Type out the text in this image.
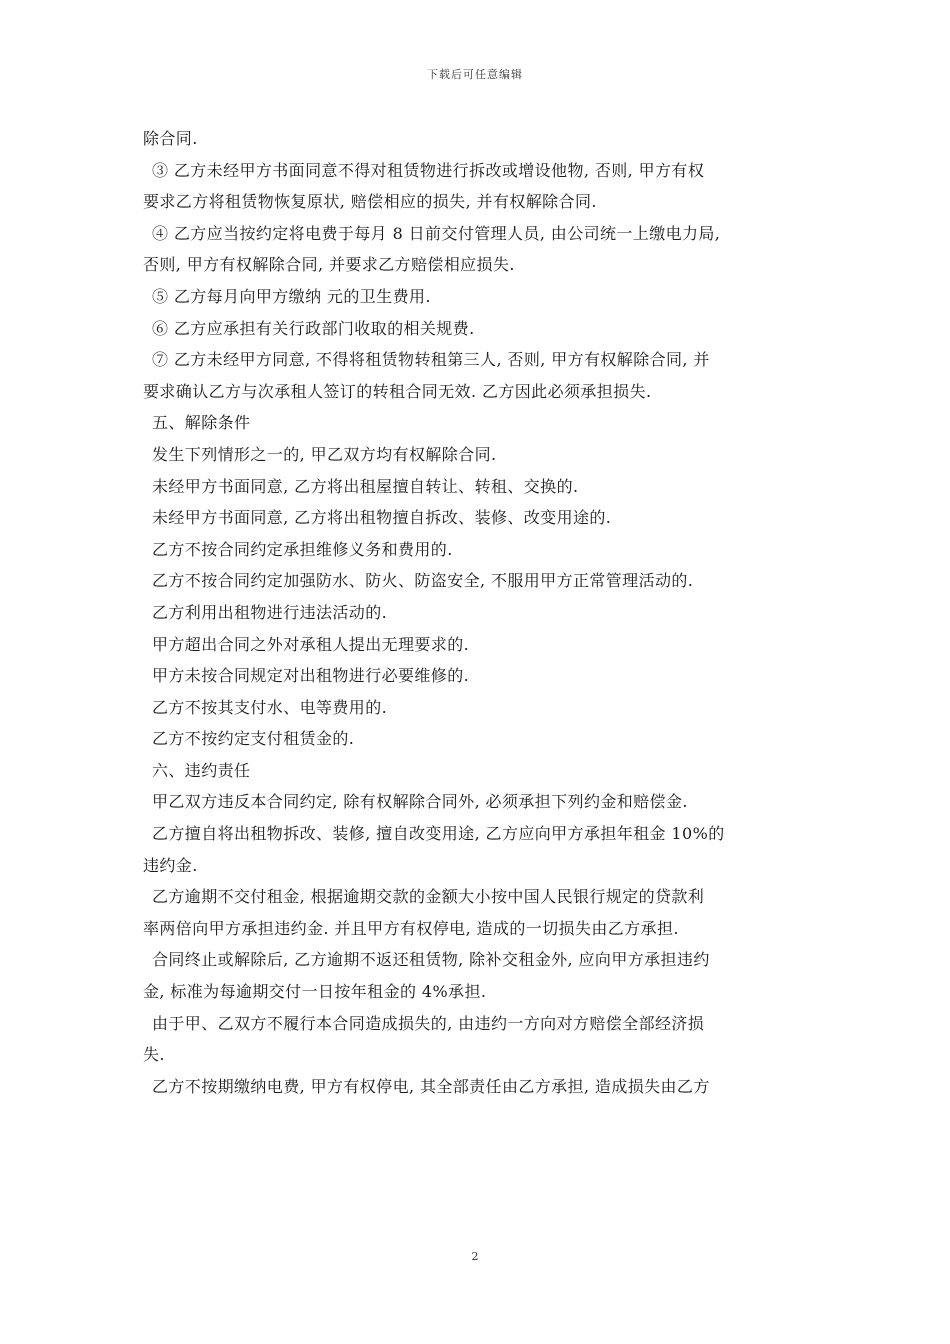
下载后可任意编辑
除合同.
③ 乙方未经甲方书面同意不得对租赁物进行拆改或增设他物, 否则, 甲方有权
要求乙方将租赁物恢复原状, 赔偿相应的损失, 并有权解除合同.
④ 乙方应当按约定将电费于每月 8 日前交付管理人员, 由公司统一上缴电力局,
否则, 甲方有权解除合同, 并要求乙方赔偿相应损失.
⑤ 乙方每月向甲方缴纳 元的卫生费用.
⑥ 乙方应承担有关行政部门收取的相关规费.
⑦ 乙方未经甲方同意, 不得将租赁物转租第三人, 否则, 甲方有权解除合同, 并
要求确认乙方与次承租人签订的转租合同无效. 乙方因此必须承担损失.
五、解除条件
发生下列情形之一的, 甲乙双方均有权解除合同.
未经甲方书面同意, 乙方将出租屋擅自转让、转租、交换的.
未经甲方书面同意, 乙方将出租物擅自拆改、装修、改变用途的.
乙方不按合同约定承担维修义务和费用的.
乙方不按合同约定加强防水、防火、防盗安全, 不服用甲方正常管理活动的.
乙方利用出租物进行违法活动的.
甲方超出合同之外对承租人提出无理要求的.
甲方未按合同规定对出租物进行必要维修的.
乙方不按其支付水、电等费用的.
乙方不按约定支付租赁金的.
六、违约责任
甲乙双方违反本合同约定, 除有权解除合同外, 必须承担下列约金和赔偿金.
乙方擅自将出租物拆改、装修, 擅自改变用途, 乙方应向甲方承担年租金 10%的
违约金.
乙方逾期不交付租金, 根据逾期交款的金额大小按中国人民银行规定的贷款利
率两倍向甲方承担违约金. 并且甲方有权停电, 造成的一切损失由乙方承担.
合同终止或解除后, 乙方逾期不返还租赁物, 除补交租金外, 应向甲方承担违约
金, 标准为每逾期交付一日按年租金的 4%承担.
由于甲、乙双方不履行本合同造成损失的, 由违约一方向对方赔偿全部经济损
失.
乙方不按期缴纳电费, 甲方有权停电, 其全部责任由乙方承担, 造成损失由乙方
2
